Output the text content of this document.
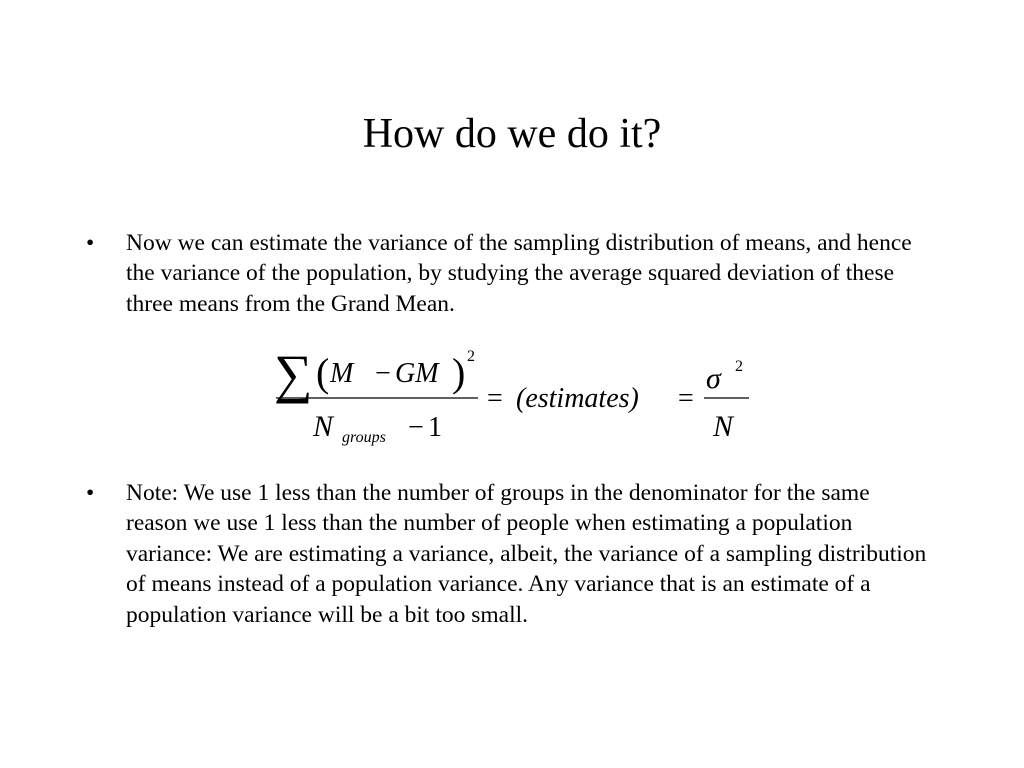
How do we do it?
•	Now we can estimate the variance of the sampling distribution of means, and hence the variance of the population, by studying the average squared deviation of these three means from the Grand Mean.
∑ ( M − GM ) 2
N groups − 1
= (estimates) =
σ 2
N
•	Note: We use 1 less than the number of groups in the denominator for the same reason we use 1 less than the number of people when estimating a population variance: We are estimating a variance, albeit, the variance of a sampling distribution of means instead of a population variance. Any variance that is an estimate of a population variance will be a bit too small.
